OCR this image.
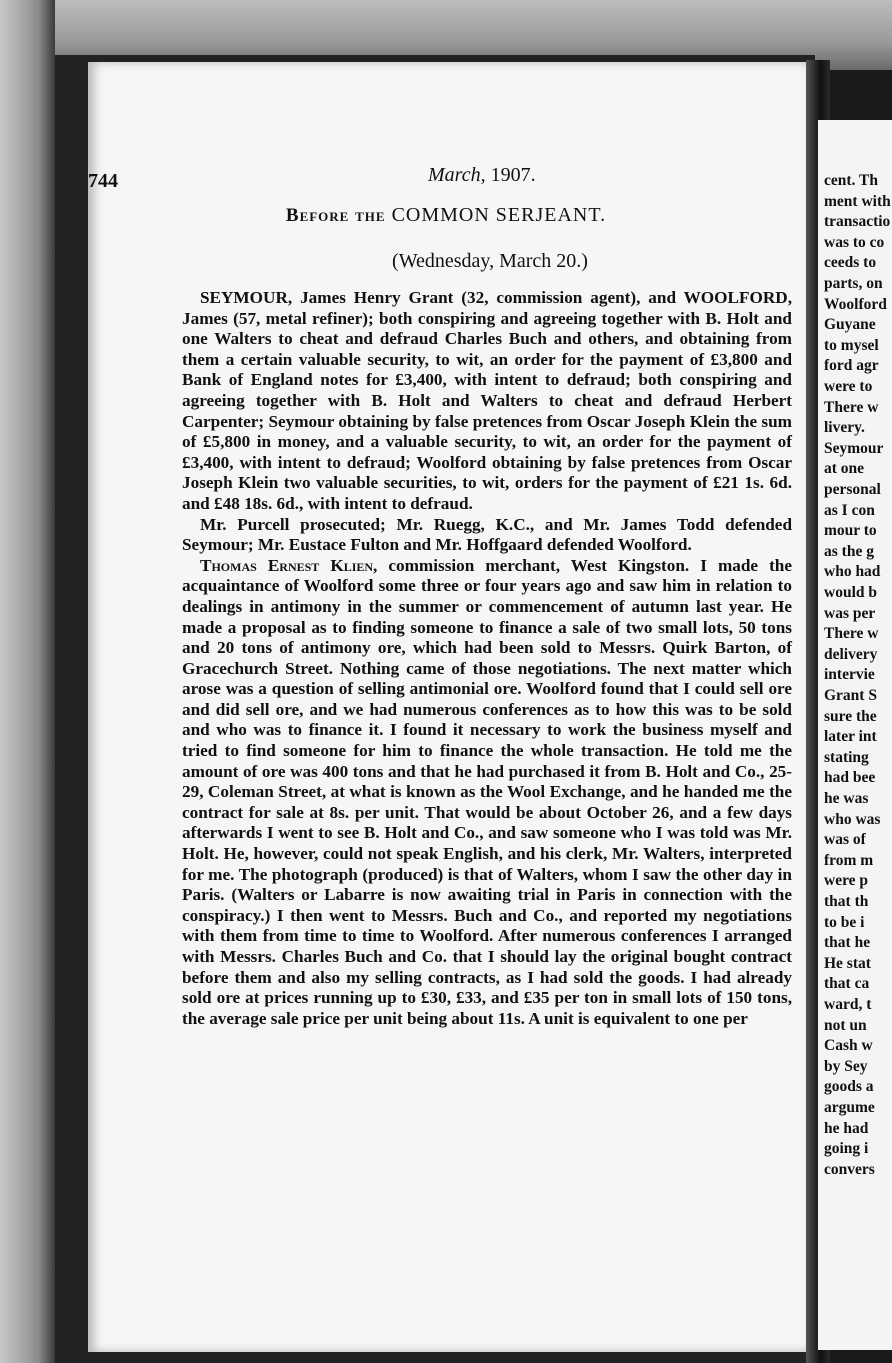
cent. Th
ment with
transactio
was to co
ceeds to
parts, on
Woolford
Guyane
to mysel
ford agr
were to
There w
livery.
Seymour
at one
personal
as I con
mour to
as the g
who had
would b
was per
There w
delivery
intervie
Grant S
sure the
later int
stating
had bee
he was
who was
was of
from m
were p
that th
to be i
that he
He stat
that ca
ward, t
not un
Cash w
by Sey
goods a
argume
he had
going i
convers
744	March, 1907.
Before the COMMON SERJEANT.
(Wednesday, March 20.)

SEYMOUR, James Henry Grant (32, commission agent), and WOOLFORD, James (57, metal refiner); both conspiring and agreeing together with B. Holt and one Walters to cheat and defraud Charles Buch and others, and obtaining from them a certain valuable security, to wit, an order for the payment of £3,800 and Bank of England notes for £3,400, with intent to defraud; both conspiring and agreeing together with B. Holt and Walters to cheat and defraud Herbert Carpenter; Seymour obtaining by false pretences from Oscar Joseph Klein the sum of £5,800 in money, and a valuable security, to wit, an order for the payment of £3,400, with intent to defraud; Woolford obtaining by false pretences from Oscar Joseph Klein two valuable securities, to wit, orders for the payment of £21 1s. 6d. and £48 18s. 6d., with intent to defraud.

Mr. Purcell prosecuted; Mr. Ruegg, K.C., and Mr. James Todd defended Seymour; Mr. Eustace Fulton and Mr. Hoffgaard defended Woolford.

Thomas Ernest Klien, commission merchant, West Kingston. I made the acquaintance of Woolford some three or four years ago and saw him in relation to dealings in antimony in the summer or commencement of autumn last year. He made a proposal as to finding someone to finance a sale of two small lots, 50 tons and 20 tons of antimony ore, which had been sold to Messrs. Quirk Barton, of Gracechurch Street. Nothing came of those negotiations. The next matter which arose was a question of selling antimonial ore. Woolford found that I could sell ore and did sell ore, and we had numerous conferences as to how this was to be sold and who was to finance it. I found it necessary to work the business myself and tried to find someone for him to finance the whole transaction. He told me the amount of ore was 400 tons and that he had purchased it from B. Holt and Co., 25-29, Coleman Street, at what is known as the Wool Exchange, and he handed me the contract for sale at 8s. per unit. That would be about October 26, and a few days afterwards I went to see B. Holt and Co., and saw someone who I was told was Mr. Holt. He, however, could not speak English, and his clerk, Mr. Walters, interpreted for me. The photograph (produced) is that of Walters, whom I saw the other day in Paris. (Walters or Labarre is now awaiting trial in Paris in connection with the conspiracy.) I then went to Messrs. Buch and Co., and reported my negotiations with them from time to time to Woolford. After numerous conferences I arranged with Messrs. Charles Buch and Co. that I should lay the original bought contract before them and also my selling contracts, as I had sold the goods. I had already sold ore at prices running up to £30, £33, and £35 per ton in small lots of 150 tons, the average sale price per unit being about 11s. A unit is equivalent to one per
